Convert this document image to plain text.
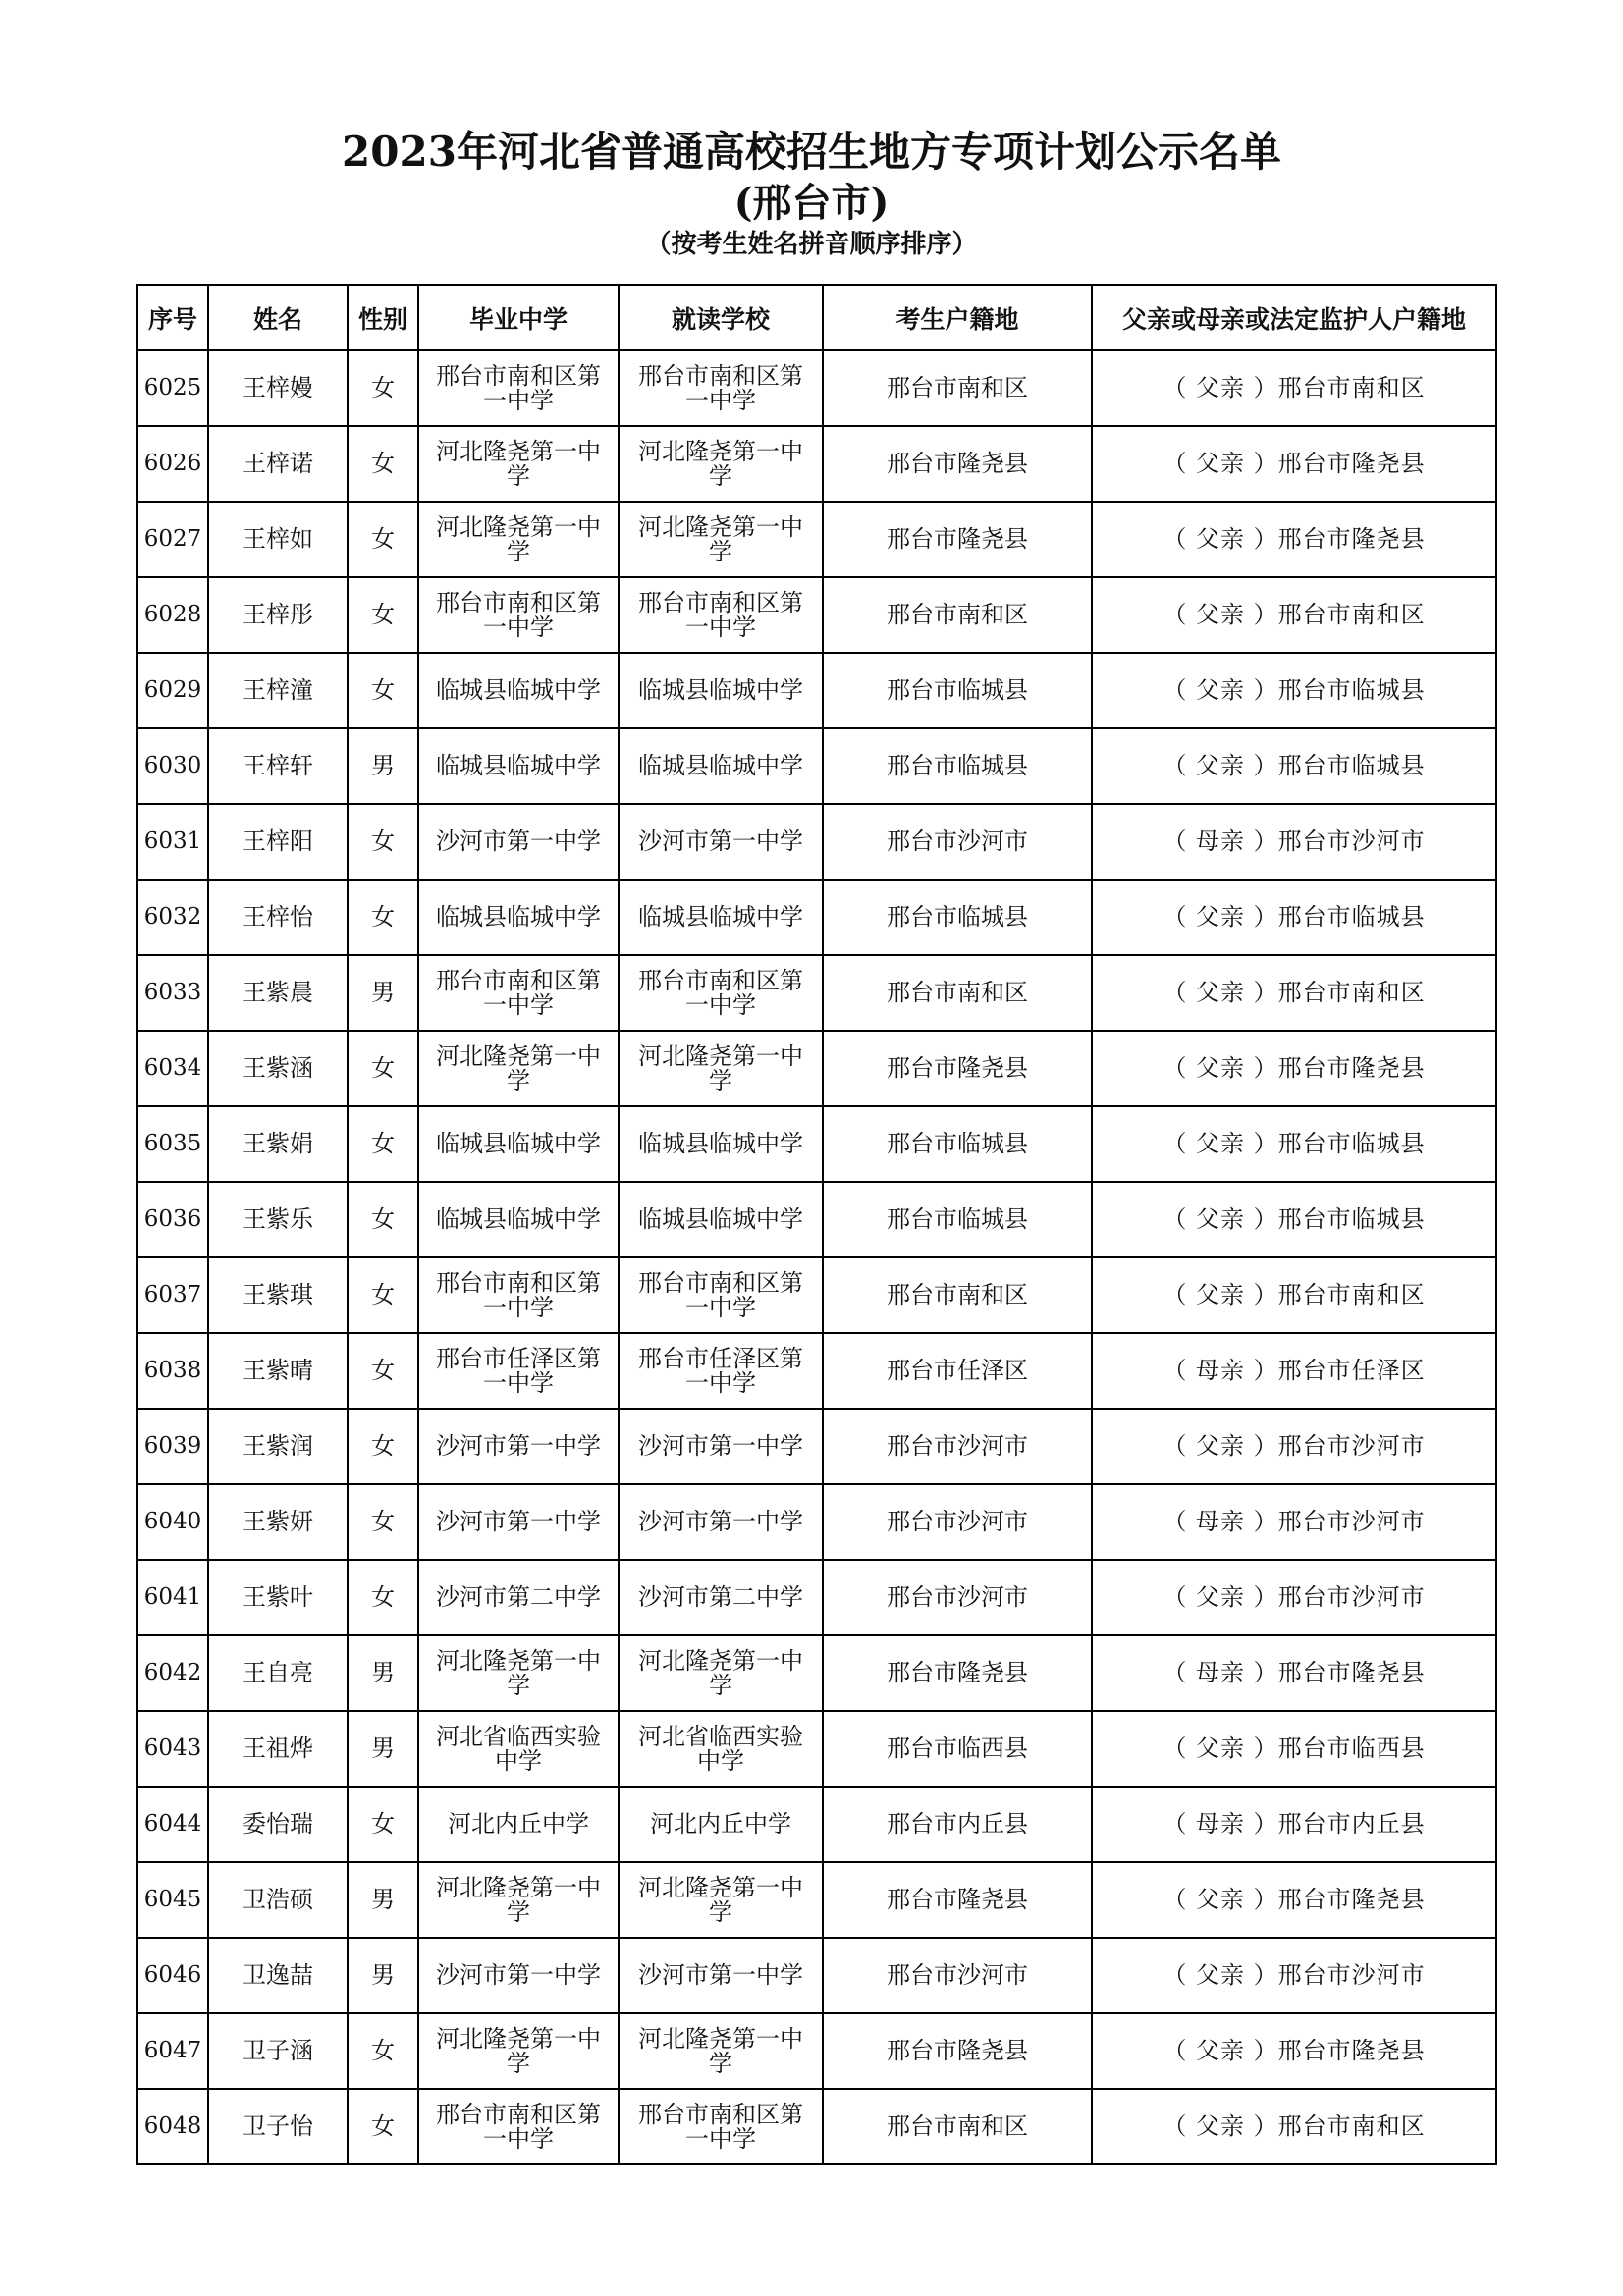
2023年河北省普通高校招生地方专项计划公示名单
(邢台市)
（按考生姓名拼音顺序排序）
序号	姓名	性别	毕业中学	就读学校	考生户籍地	父亲或母亲或法定监护人户籍地
6025	王梓嫚	女	邢台市南和区第一中学	邢台市南和区第一中学	邢台市南和区	（ 父亲 ）邢台市南和区
6026	王梓诺	女	河北隆尧第一中学	河北隆尧第一中学	邢台市隆尧县	（ 父亲 ）邢台市隆尧县
6027	王梓如	女	河北隆尧第一中学	河北隆尧第一中学	邢台市隆尧县	（ 父亲 ）邢台市隆尧县
6028	王梓彤	女	邢台市南和区第一中学	邢台市南和区第一中学	邢台市南和区	（ 父亲 ）邢台市南和区
6029	王梓潼	女	临城县临城中学	临城县临城中学	邢台市临城县	（ 父亲 ）邢台市临城县
6030	王梓轩	男	临城县临城中学	临城县临城中学	邢台市临城县	（ 父亲 ）邢台市临城县
6031	王梓阳	女	沙河市第一中学	沙河市第一中学	邢台市沙河市	（ 母亲 ）邢台市沙河市
6032	王梓怡	女	临城县临城中学	临城县临城中学	邢台市临城县	（ 父亲 ）邢台市临城县
6033	王紫晨	男	邢台市南和区第一中学	邢台市南和区第一中学	邢台市南和区	（ 父亲 ）邢台市南和区
6034	王紫涵	女	河北隆尧第一中学	河北隆尧第一中学	邢台市隆尧县	（ 父亲 ）邢台市隆尧县
6035	王紫娟	女	临城县临城中学	临城县临城中学	邢台市临城县	（ 父亲 ）邢台市临城县
6036	王紫乐	女	临城县临城中学	临城县临城中学	邢台市临城县	（ 父亲 ）邢台市临城县
6037	王紫琪	女	邢台市南和区第一中学	邢台市南和区第一中学	邢台市南和区	（ 父亲 ）邢台市南和区
6038	王紫晴	女	邢台市任泽区第一中学	邢台市任泽区第一中学	邢台市任泽区	（ 母亲 ）邢台市任泽区
6039	王紫润	女	沙河市第一中学	沙河市第一中学	邢台市沙河市	（ 父亲 ）邢台市沙河市
6040	王紫妍	女	沙河市第一中学	沙河市第一中学	邢台市沙河市	（ 母亲 ）邢台市沙河市
6041	王紫叶	女	沙河市第二中学	沙河市第二中学	邢台市沙河市	（ 父亲 ）邢台市沙河市
6042	王自亮	男	河北隆尧第一中学	河北隆尧第一中学	邢台市隆尧县	（ 母亲 ）邢台市隆尧县
6043	王祖烨	男	河北省临西实验中学	河北省临西实验中学	邢台市临西县	（ 父亲 ）邢台市临西县
6044	委怡瑞	女	河北内丘中学	河北内丘中学	邢台市内丘县	（ 母亲 ）邢台市内丘县
6045	卫浩硕	男	河北隆尧第一中学	河北隆尧第一中学	邢台市隆尧县	（ 父亲 ）邢台市隆尧县
6046	卫逸喆	男	沙河市第一中学	沙河市第一中学	邢台市沙河市	（ 父亲 ）邢台市沙河市
6047	卫子涵	女	河北隆尧第一中学	河北隆尧第一中学	邢台市隆尧县	（ 父亲 ）邢台市隆尧县
6048	卫子怡	女	邢台市南和区第一中学	邢台市南和区第一中学	邢台市南和区	（ 父亲 ）邢台市南和区
